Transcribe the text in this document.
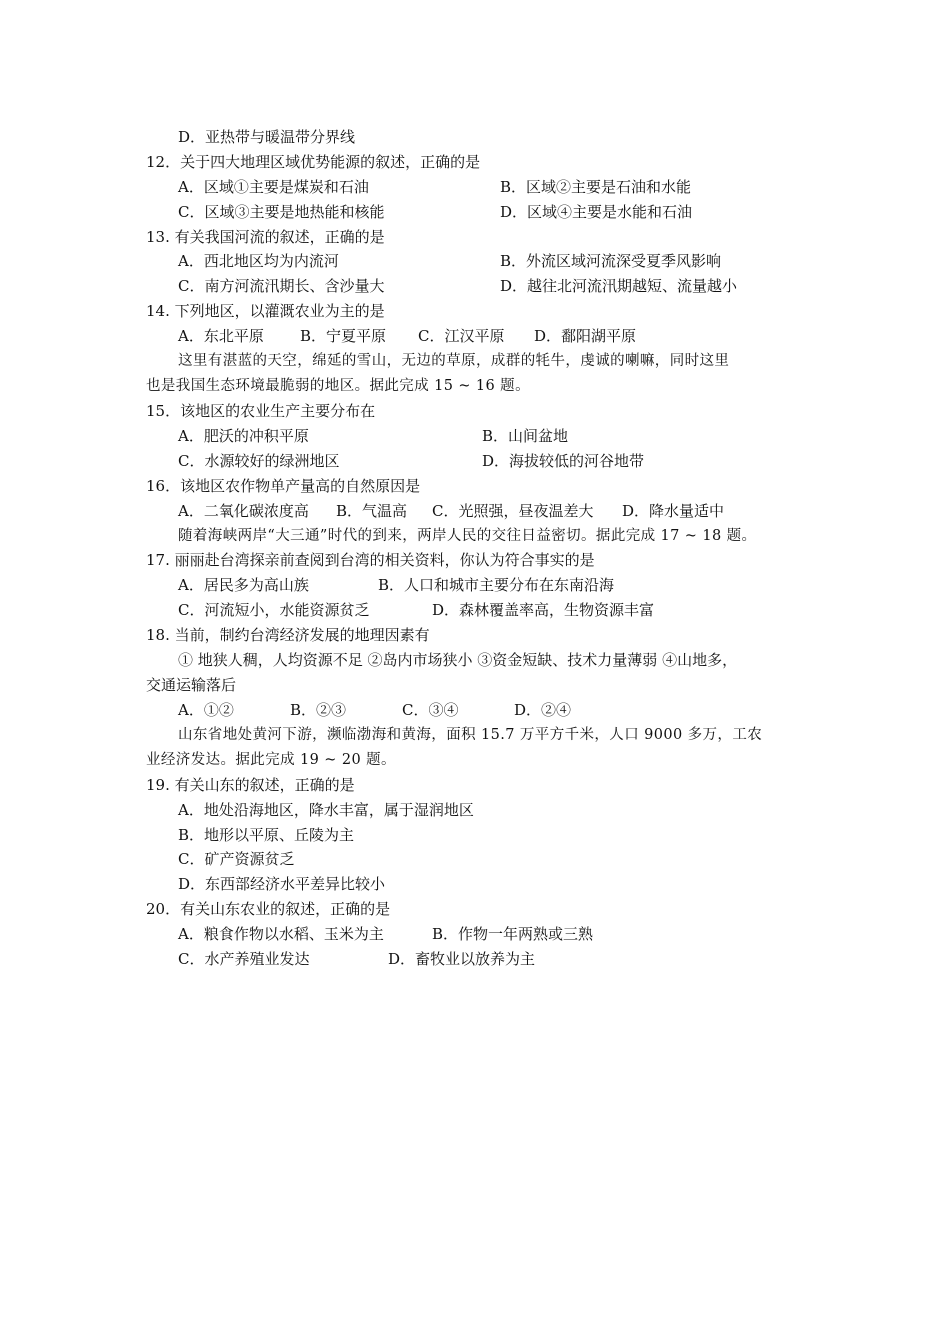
D．亚热带与暖温带分界线
12．关于四大地理区域优势能源的叙述，正确的是
A．区域①主要是煤炭和石油	B．区域②主要是石油和水能
C．区域③主要是地热能和核能	D．区域④主要是水能和石油
13. 有关我国河流的叙述，正确的是
A．西北地区均为内流河	B．外流区域河流深受夏季风影响
C．南方河流汛期长、含沙量大	D．越往北河流汛期越短、流量越小
14. 下列地区，以灌溉农业为主的是
A．东北平原 B．宁夏平原 C．江汉平原 D．鄱阳湖平原
这里有湛蓝的天空，绵延的雪山，无边的草原，成群的牦牛，虔诚的喇嘛，同时这里
也是我国生态环境最脆弱的地区。据此完成 15 ~ 16 题。
15．该地区的农业生产主要分布在
A．肥沃的冲积平原	B．山间盆地
C．水源较好的绿洲地区	D．海拔较低的河谷地带
16．该地区农作物单产量高的自然原因是
A．二氧化碳浓度高 B．气温高 C．光照强，昼夜温差大 D．降水量适中
随着海峡两岸“大三通”时代的到来，两岸人民的交往日益密切。据此完成 17 ~ 18 题。
17. 丽丽赴台湾探亲前查阅到台湾的相关资料，你认为符合事实的是
A．居民多为高山族	B．人口和城市主要分布在东南沿海
C．河流短小，水能资源贫乏	D．森林覆盖率高，生物资源丰富
18. 当前，制约台湾经济发展的地理因素有
① 地狭人稠，人均资源不足 ②岛内市场狭小 ③资金短缺、技术力量薄弱 ④山地多，
交通运输落后
A．①②	B．②③	C．③④	D．②④
山东省地处黄河下游，濒临渤海和黄海，面积 15.7 万平方千米，人口 9000 多万，工农
业经济发达。据此完成 19 ~ 20 题。
19. 有关山东的叙述，正确的是
A．地处沿海地区，降水丰富，属于湿润地区
B．地形以平原、丘陵为主
C．矿产资源贫乏
D．东西部经济水平差异比较小
20．有关山东农业的叙述，正确的是
A．粮食作物以水稻、玉米为主	B．作物一年两熟或三熟
C．水产养殖业发达	D．畜牧业以放养为主
